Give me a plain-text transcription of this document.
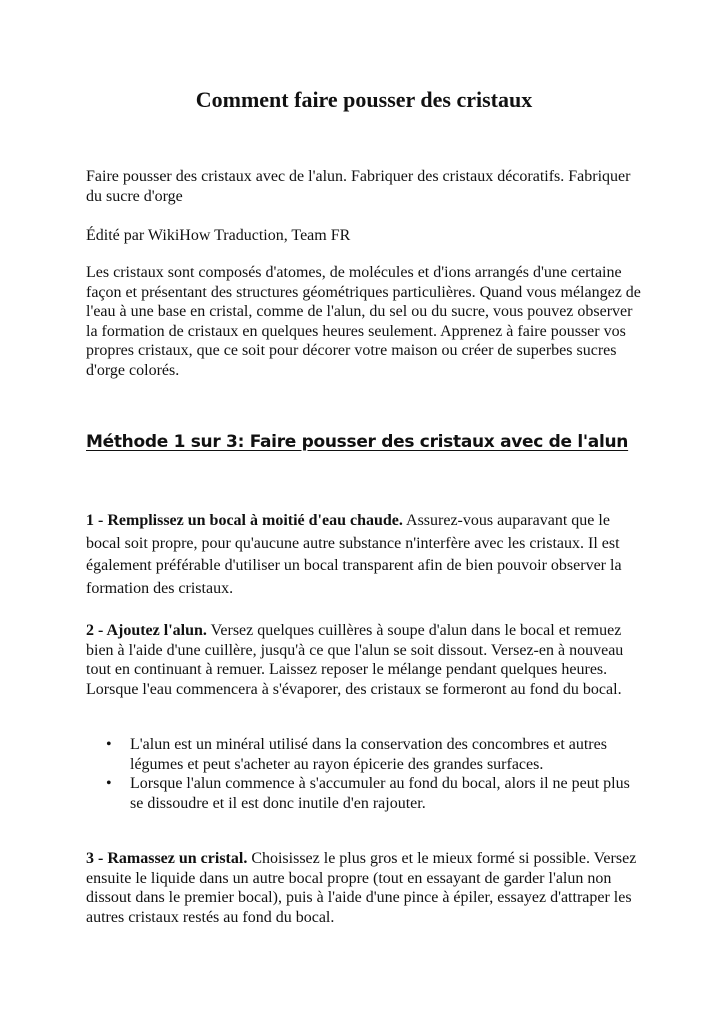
Comment faire pousser des cristaux

Faire pousser des cristaux avec de l'alun. Fabriquer des cristaux décoratifs. Fabriquer du sucre d'orge

Édité par WikiHow Traduction, Team FR

Les cristaux sont composés d'atomes, de molécules et d'ions arrangés d'une certaine façon et présentant des structures géométriques particulières. Quand vous mélangez de l'eau à une base en cristal, comme de l'alun, du sel ou du sucre, vous pouvez observer la formation de cristaux en quelques heures seulement. Apprenez à faire pousser vos propres cristaux, que ce soit pour décorer votre maison ou créer de superbes sucres d'orge colorés.

Méthode 1 sur 3: Faire pousser des cristaux avec de l'alun

1 - Remplissez un bocal à moitié d'eau chaude. Assurez-vous auparavant que le bocal soit propre, pour qu'aucune autre substance n'interfère avec les cristaux. Il est également préférable d'utiliser un bocal transparent afin de bien pouvoir observer la formation des cristaux.

2 - Ajoutez l'alun. Versez quelques cuillères à soupe d'alun dans le bocal et remuez bien à l'aide d'une cuillère, jusqu'à ce que l'alun se soit dissout. Versez-en à nouveau tout en continuant à remuer. Laissez reposer le mélange pendant quelques heures. Lorsque l'eau commencera à s'évaporer, des cristaux se formeront au fond du bocal.

• L'alun est un minéral utilisé dans la conservation des concombres et autres légumes et peut s'acheter au rayon épicerie des grandes surfaces.
• Lorsque l'alun commence à s'accumuler au fond du bocal, alors il ne peut plus se dissoudre et il est donc inutile d'en rajouter.

3 - Ramassez un cristal. Choisissez le plus gros et le mieux formé si possible. Versez ensuite le liquide dans un autre bocal propre (tout en essayant de garder l'alun non dissout dans le premier bocal), puis à l'aide d'une pince à épiler, essayez d'attraper les autres cristaux restés au fond du bocal.
